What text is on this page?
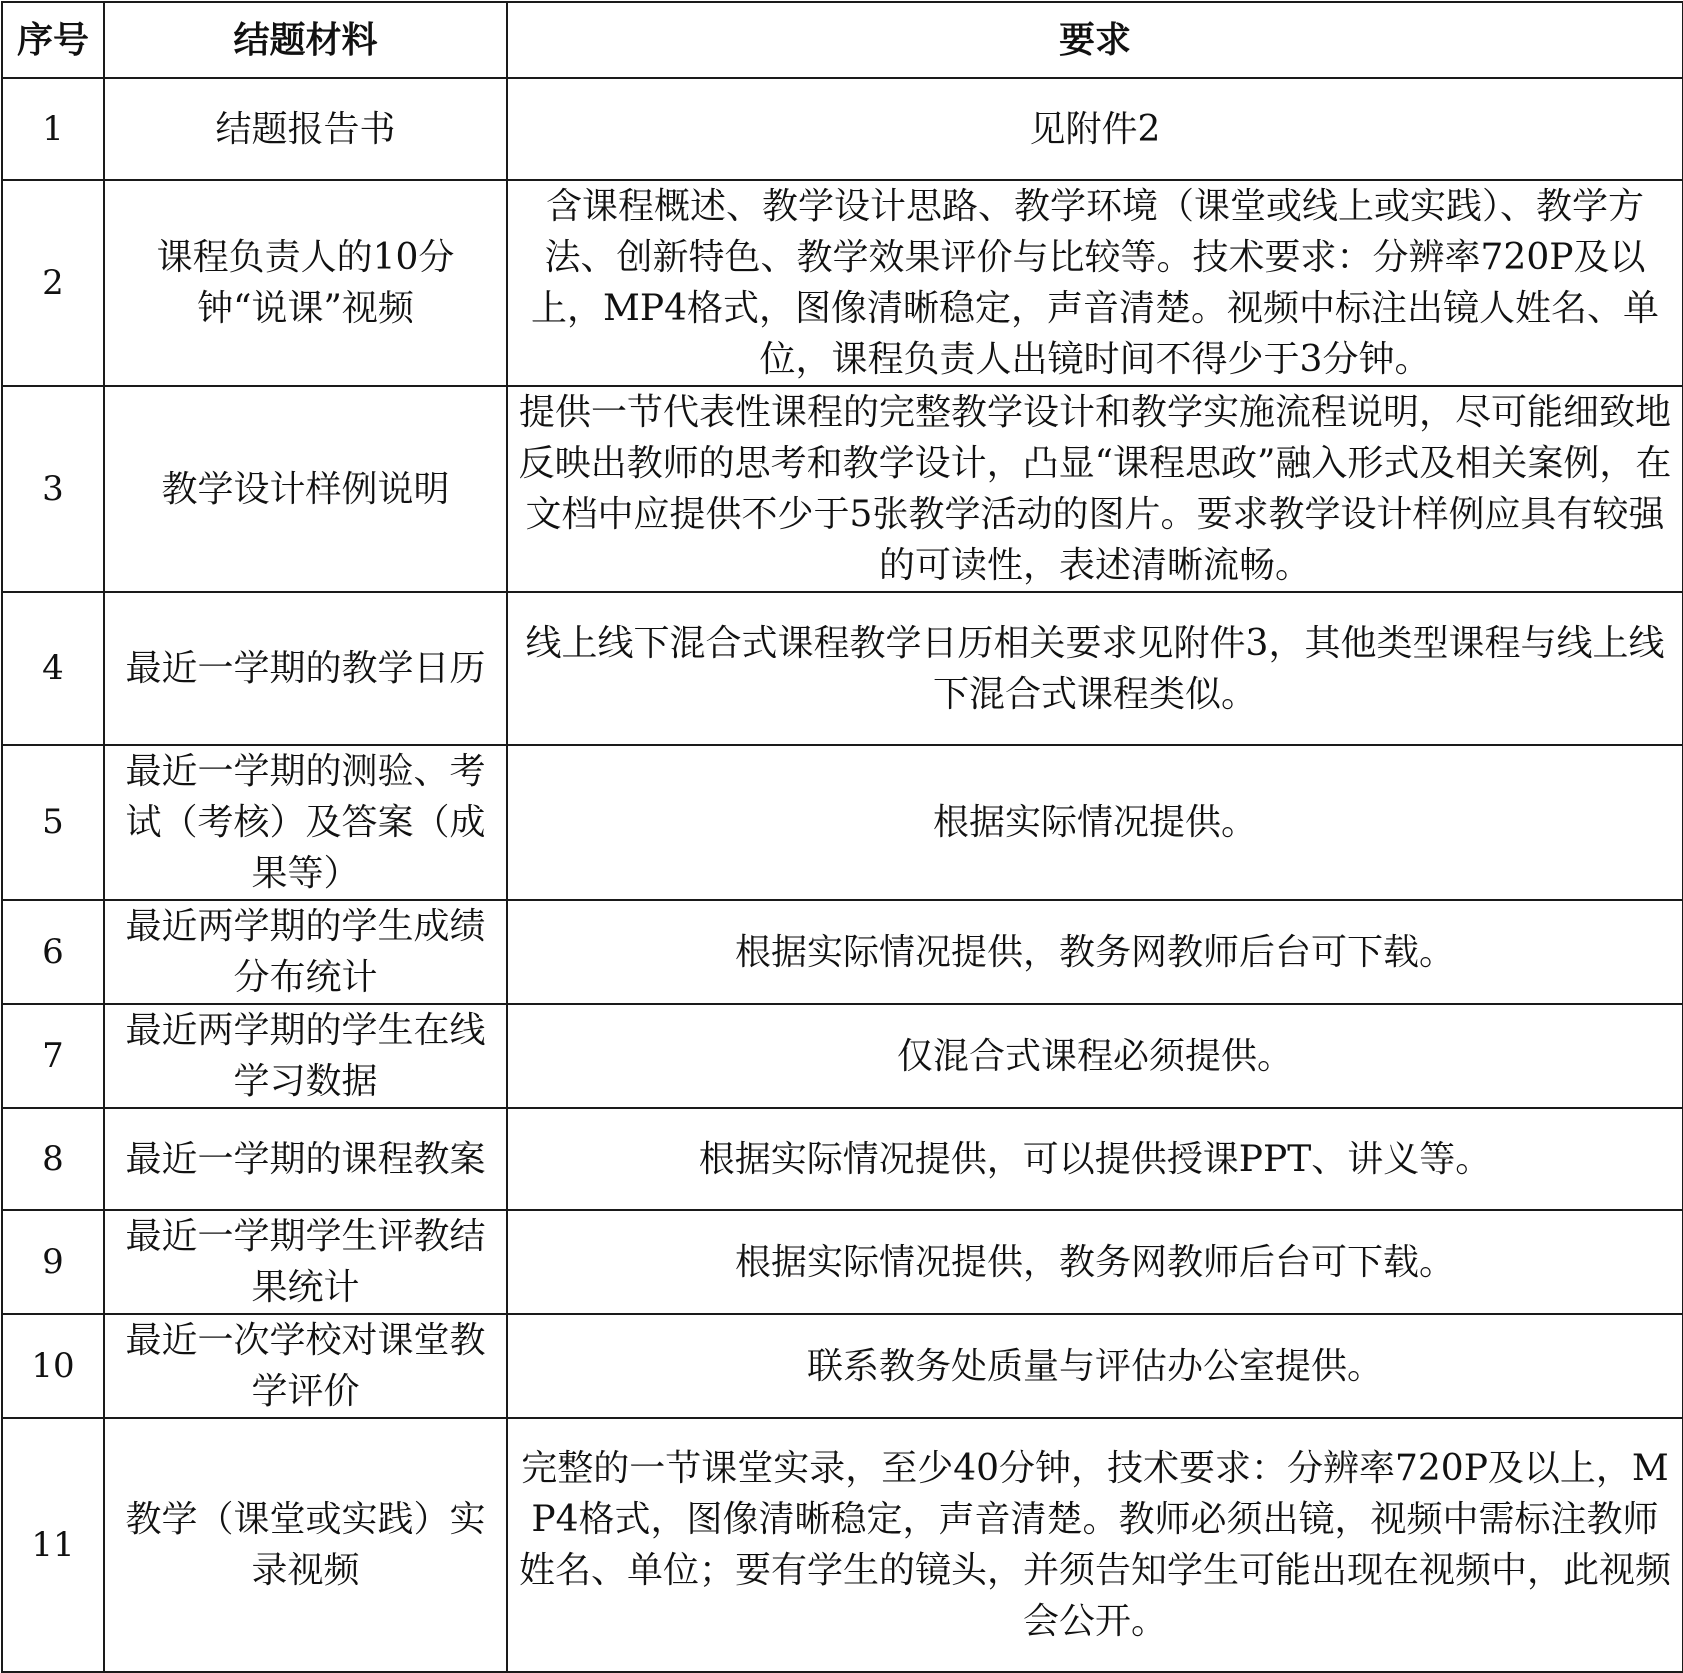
序号	结题材料	要求
1	结题报告书	见附件2
2	课程负责人的10分钟“说课”视频	含课程概述、教学设计思路、教学环境（课堂或线上或实践）、教学方法、创新特色、教学效果评价与比较等。技术要求：分辨率720P及以上，MP4格式，图像清晰稳定，声音清楚。视频中标注出镜人姓名、单位，课程负责人出镜时间不得少于3分钟。
3	教学设计样例说明	提供一节代表性课程的完整教学设计和教学实施流程说明，尽可能细致地反映出教师的思考和教学设计，凸显“课程思政”融入形式及相关案例，在文档中应提供不少于5张教学活动的图片。要求教学设计样例应具有较强的可读性，表述清晰流畅。
4	最近一学期的教学日历	线上线下混合式课程教学日历相关要求见附件3，其他类型课程与线上线下混合式课程类似。
5	最近一学期的测验、考试（考核）及答案（成果等）	根据实际情况提供。
6	最近两学期的学生成绩分布统计	根据实际情况提供，教务网教师后台可下载。
7	最近两学期的学生在线学习数据	仅混合式课程必须提供。
8	最近一学期的课程教案	根据实际情况提供，可以提供授课PPT、讲义等。
9	最近一学期学生评教结果统计	根据实际情况提供，教务网教师后台可下载。
10	最近一次学校对课堂教学评价	联系教务处质量与评估办公室提供。
11	教学（课堂或实践）实录视频	完整的一节课堂实录，至少40分钟，技术要求：分辨率720P及以上，MP4格式，图像清晰稳定，声音清楚。教师必须出镜，视频中需标注教师姓名、单位；要有学生的镜头，并须告知学生可能出现在视频中，此视频会公开。
